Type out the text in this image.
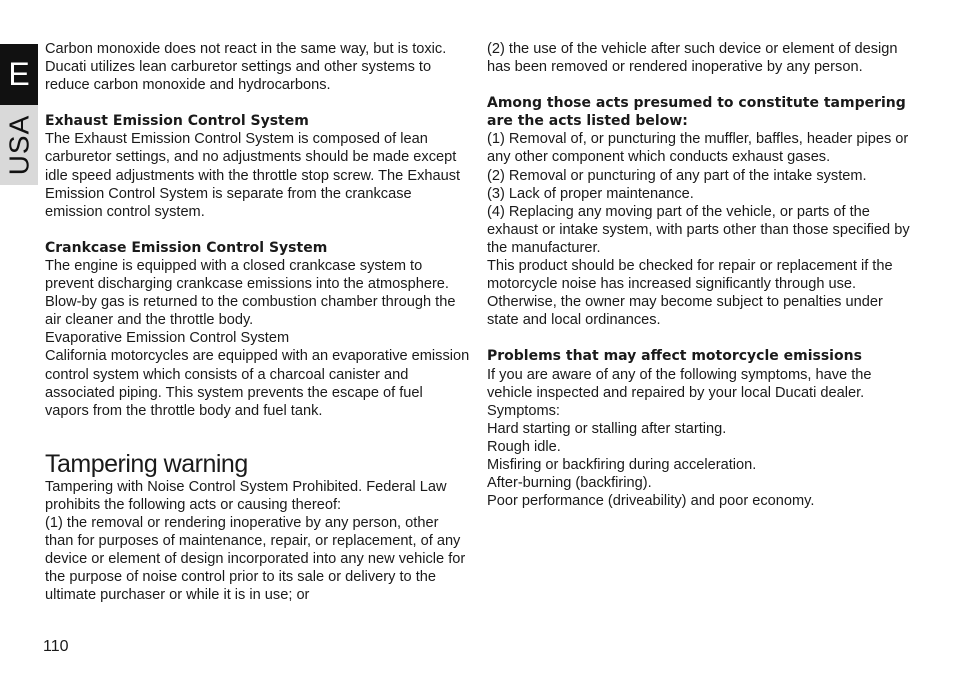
E
USA

Carbon monoxide does not react in the same way, but is toxic. Ducati utilizes lean carburetor settings and other systems to reduce carbon monoxide and hydrocarbons.

Exhaust Emission Control System

The Exhaust Emission Control System is composed of lean carburetor settings, and no adjustments should be made except idle speed adjustments with the throttle stop screw. The Exhaust Emission Control System is separate from the crankcase emission control system.

Crankcase Emission Control System

The engine is equipped with a closed crankcase system to prevent discharging crankcase emissions into the atmosphere. Blow-by gas is returned to the combustion chamber through the air cleaner and the throttle body.

Evaporative Emission Control System

California motorcycles are equipped with an evaporative emission control system which consists of a charcoal canister and associated piping. This system prevents the escape of fuel vapors from the throttle body and fuel tank.

Tampering warning

Tampering with Noise Control System Prohibited. Federal Law prohibits the following acts or causing thereof:

(1) the removal or rendering inoperative by any person, other than for purposes of maintenance, repair, or replacement, of any device or element of design incorporated into any new vehicle for the purpose of noise control prior to its sale or delivery to the ultimate purchaser or while it is in use; or

(2) the use of the vehicle after such device or element of design has been removed or rendered inoperative by any person.

Among those acts presumed to constitute tampering are the acts listed below:

(1) Removal of, or puncturing the muffler, baffles, header pipes or any other component which conducts exhaust gases.

(2) Removal or puncturing of any part of the intake system.

(3) Lack of proper maintenance.

(4) Replacing any moving part of the vehicle, or parts of the exhaust or intake system, with parts other than those specified by the manufacturer.

This product should be checked for repair or replacement if the motorcycle noise has increased significantly through use. Otherwise, the owner may become subject to penalties under state and local ordinances.

Problems that may affect motorcycle emissions

If you are aware of any of the following symptoms, have the vehicle inspected and repaired by your local Ducati dealer.

Symptoms:

Hard starting or stalling after starting.

Rough idle.

Misfiring or backfiring during acceleration.

After-burning (backfiring).

Poor performance (driveability) and poor economy.

110
